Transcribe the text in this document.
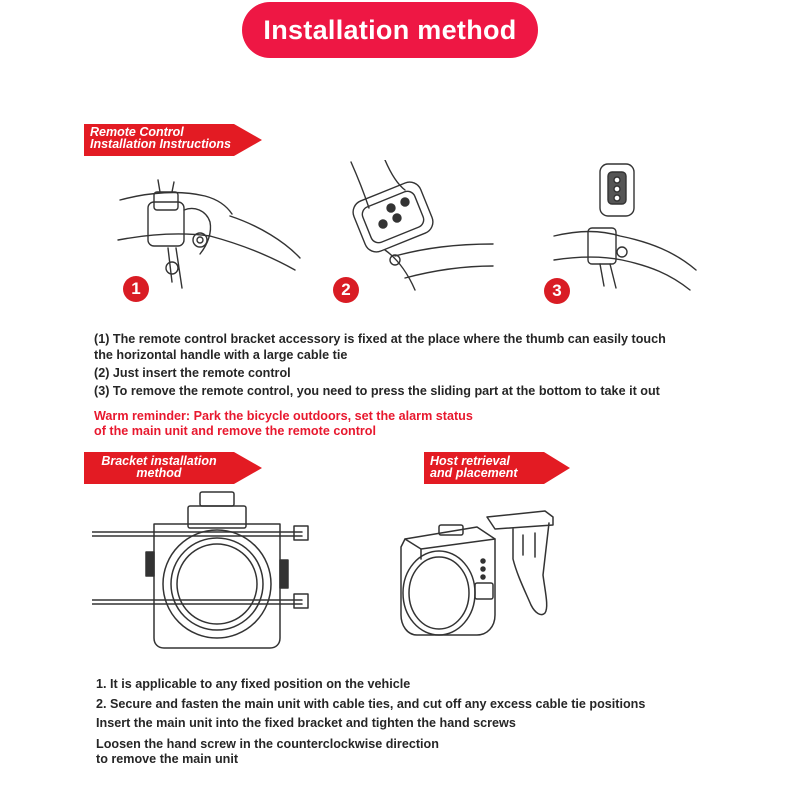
Installation method
Remote Control
Installation Instructions
1	2	3
(1) The remote control bracket accessory is fixed at the place where the thumb can easily touch
the horizontal handle with a large cable tie
(2) Just insert the remote control
(3) To remove the remote control, you need to press the sliding part at the bottom to take it out
Warm reminder: Park the bicycle outdoors, set the alarm status
of the main unit and remove the remote control
Bracket installation
method
Host retrieval
and placement
1. It is applicable to any fixed position on the vehicle
2. Secure and fasten the main unit with cable ties, and cut off any excess cable tie positions
Insert the main unit into the fixed bracket and tighten the hand screws
Loosen the hand screw in the counterclockwise direction
to remove the main unit
